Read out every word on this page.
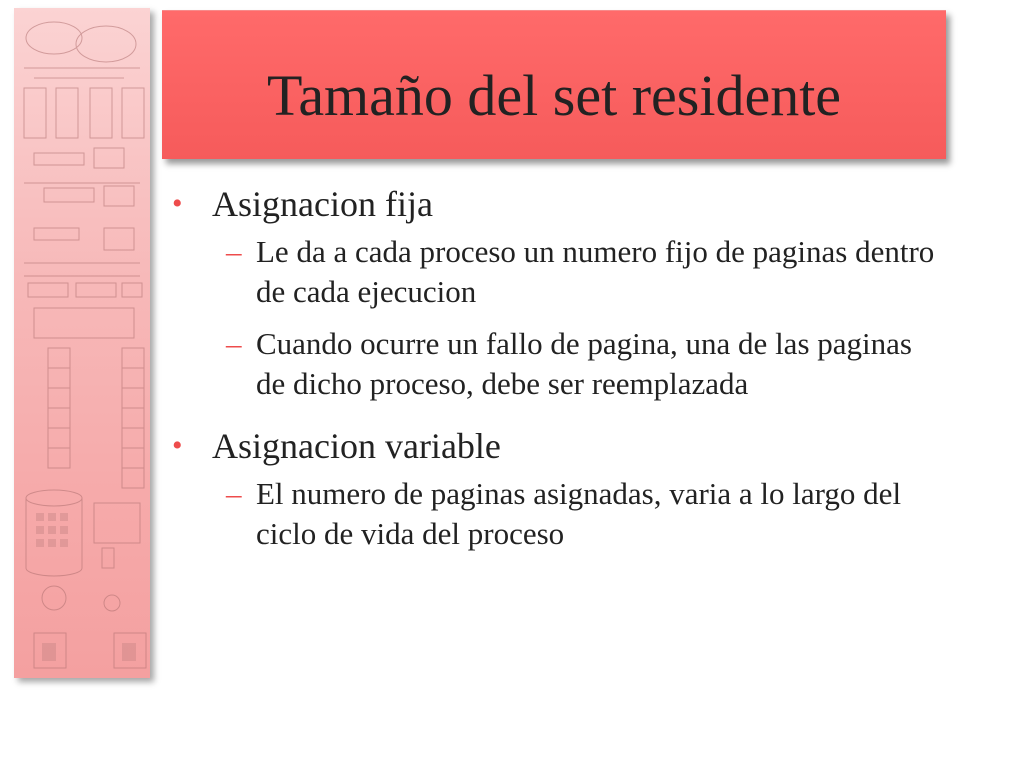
Tamaño del set residente
• Asignacion fija
– Le da a cada proceso un numero fijo de paginas dentro de cada ejecucion
– Cuando ocurre un fallo de pagina, una de las paginas de dicho proceso, debe ser reemplazada
• Asignacion variable
– El numero de paginas asignadas, varia a lo largo del ciclo de vida del proceso
